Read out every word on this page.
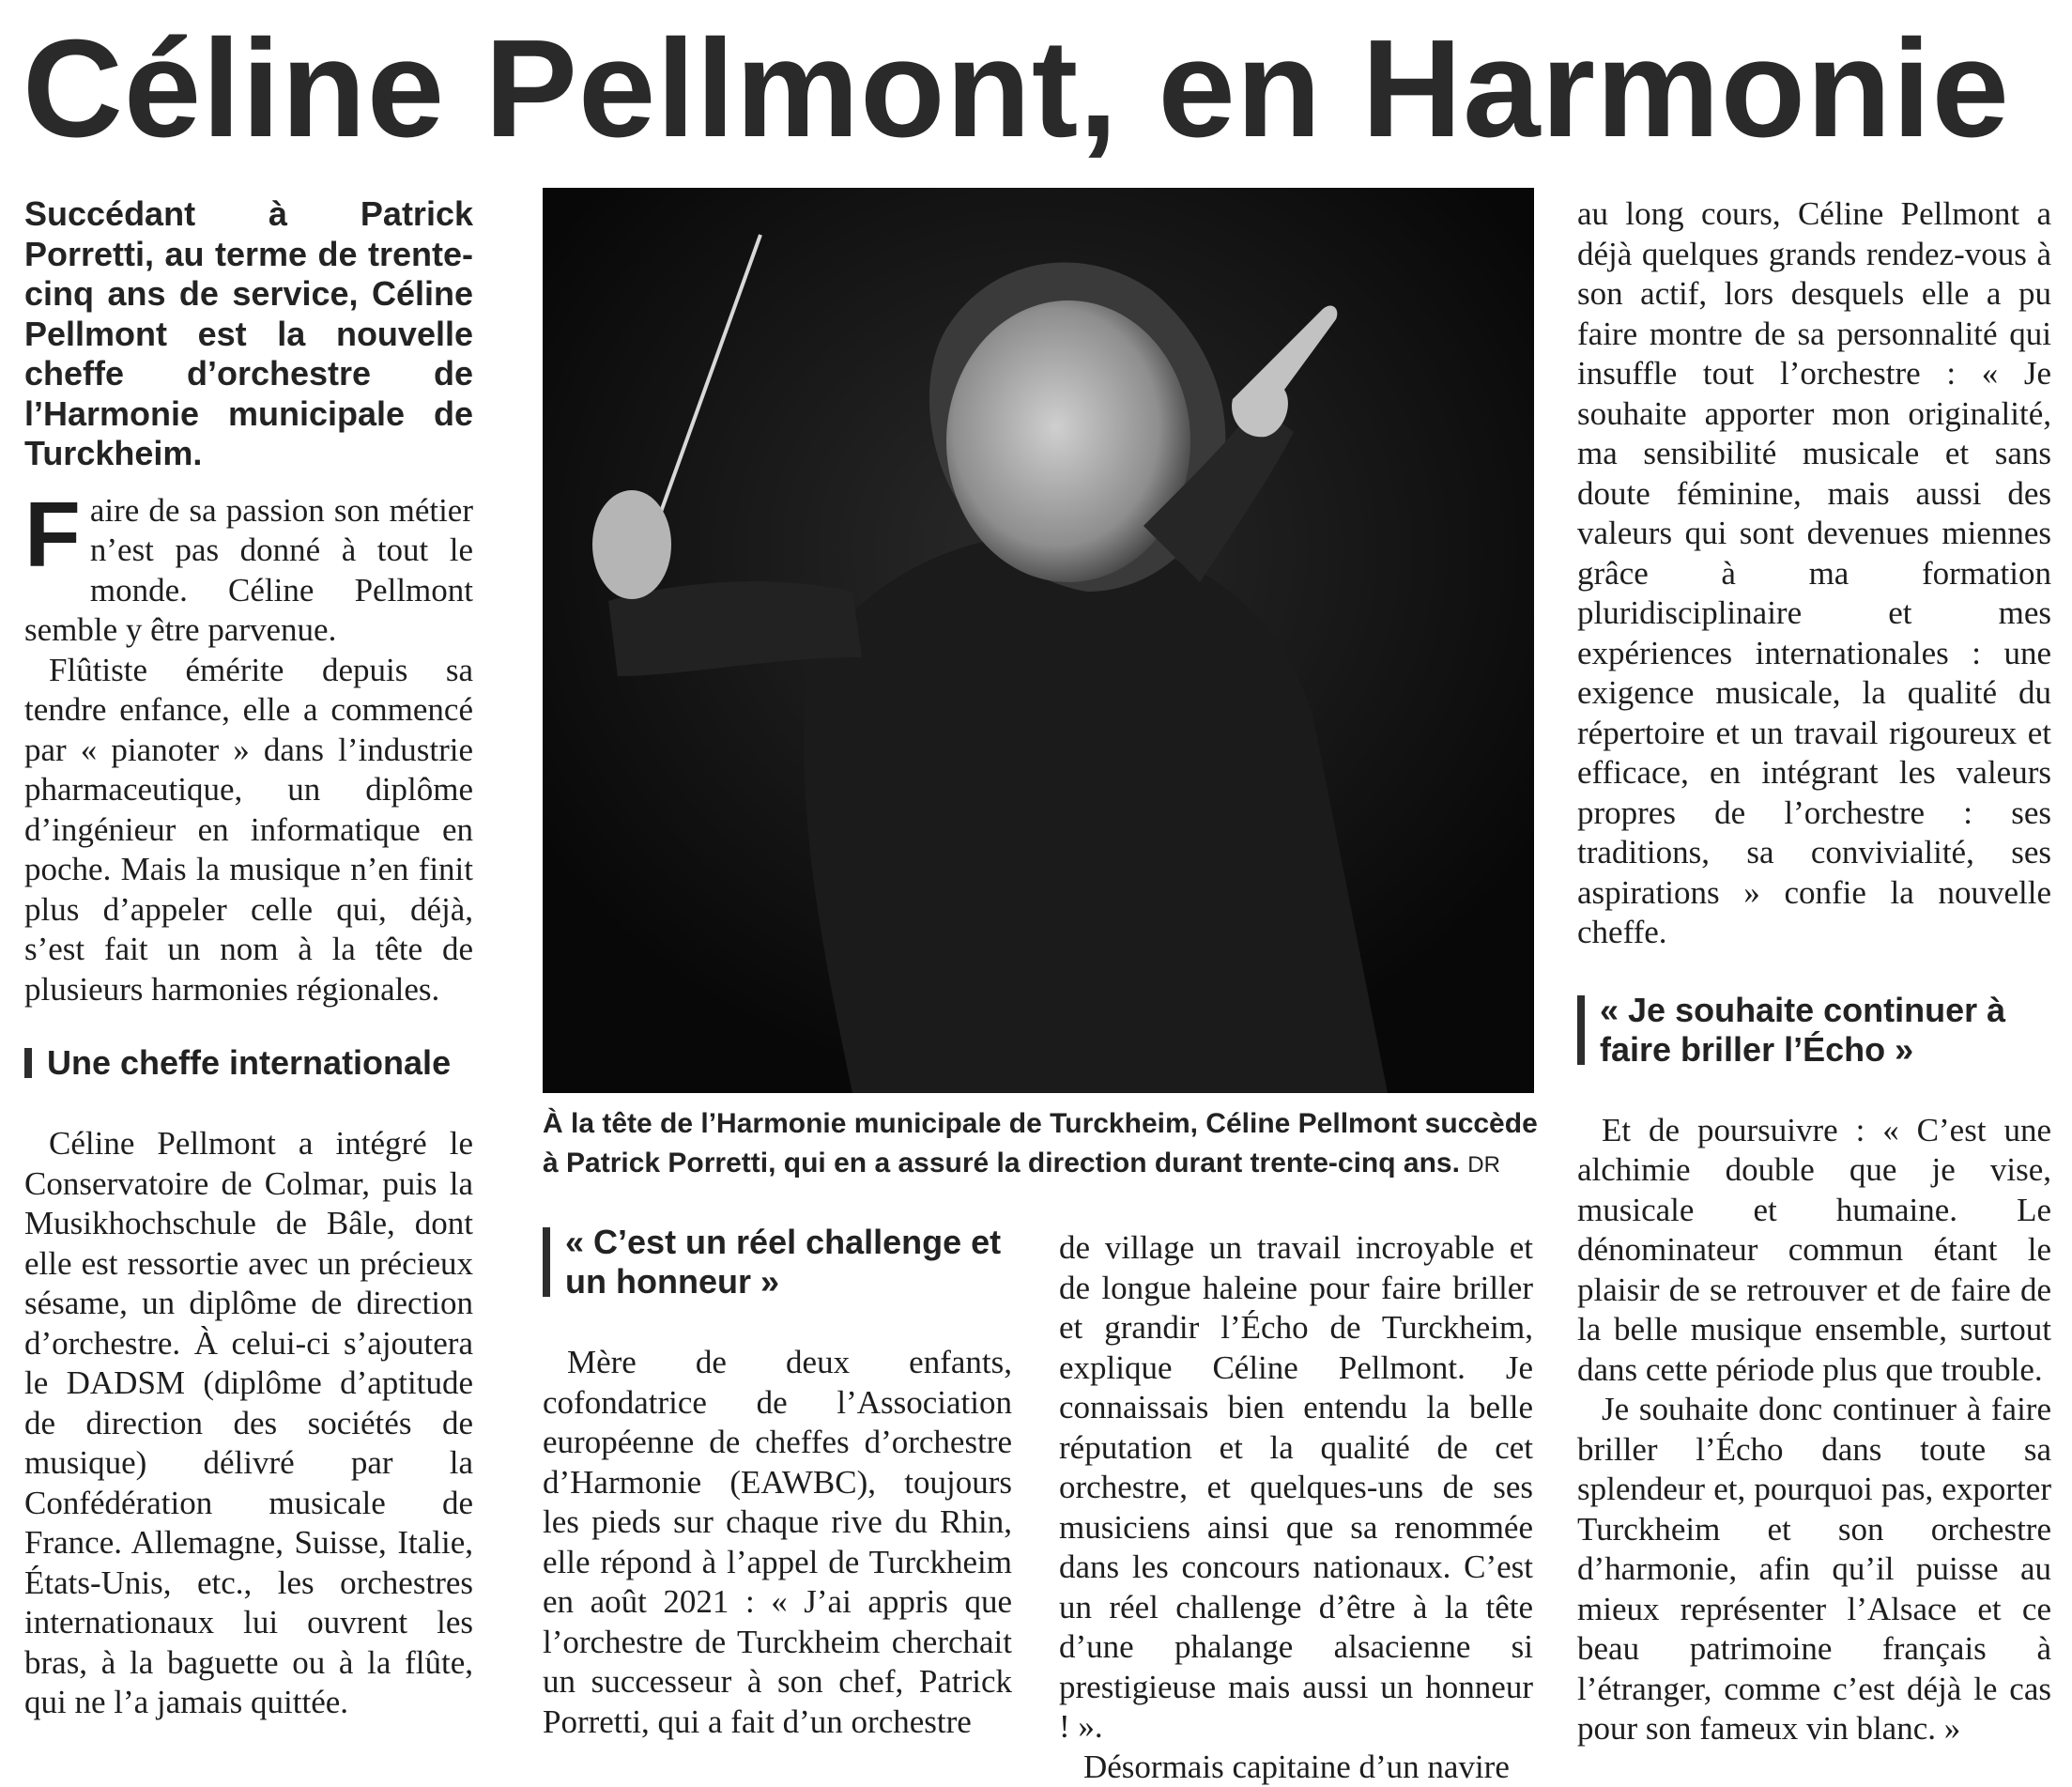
Céline Pellmont, en Harmonie

Succédant à Patrick Porretti, au terme de trente-cinq ans de service, Céline Pellmont est la nouvelle cheffe d’orchestre de l’Harmonie municipale de Turckheim.

Faire de sa passion son métier n’est pas donné à tout le monde. Céline Pellmont semble y être parvenue.

Flûtiste émérite depuis sa tendre enfance, elle a commencé par « pianoter » dans l’industrie pharmaceutique, un diplôme d’ingénieur en informatique en poche. Mais la musique n’en finit plus d’appeler celle qui, déjà, s’est fait un nom à la tête de plusieurs harmonies régionales.

Une cheffe internationale

Céline Pellmont a intégré le Conservatoire de Colmar, puis la Musikhochschule de Bâle, dont elle est ressortie avec un précieux sésame, un diplôme de direction d’orchestre. À celui-ci s’ajoutera le DADSM (diplôme d’aptitude de direction des sociétés de musique) délivré par la Confédération musicale de France. Allemagne, Suisse, Italie, États-Unis, etc., les orchestres internationaux lui ouvrent les bras, à la baguette ou à la flûte, qui ne l’a jamais quittée.

À la tête de l’Harmonie municipale de Turckheim, Céline Pellmont succède à Patrick Porretti, qui en a assuré la direction durant trente-cinq ans. DR

« C’est un réel challenge et un honneur »

Mère de deux enfants, cofondatrice de l’Association européenne de cheffes d’orchestre d’Harmonie (EAWBC), toujours les pieds sur chaque rive du Rhin, elle répond à l’appel de Turckheim en août 2021 : « J’ai appris que l’orchestre de Turckheim cherchait un successeur à son chef, Patrick Porretti, qui a fait d’un orchestre

de village un travail incroyable et de longue haleine pour faire briller et grandir l’Écho de Turckheim, explique Céline Pellmont. Je connaissais bien entendu la belle réputation et la qualité de cet orchestre, et quelques-uns de ses musiciens ainsi que sa renommée dans les concours nationaux. C’est un réel challenge d’être à la tête d’une phalange alsacienne si prestigieuse mais aussi un honneur ! ».

Désormais capitaine d’un navire

au long cours, Céline Pellmont a déjà quelques grands rendez-vous à son actif, lors desquels elle a pu faire montre de sa personnalité qui insuffle tout l’orchestre : « Je souhaite apporter mon originalité, ma sensibilité musicale et sans doute féminine, mais aussi des valeurs qui sont devenues miennes grâce à ma formation pluridisciplinaire et mes expériences internationales : une exigence musicale, la qualité du répertoire et un travail rigoureux et efficace, en intégrant les valeurs propres de l’orchestre : ses traditions, sa convivialité, ses aspirations » confie la nouvelle cheffe.

« Je souhaite continuer à faire briller l’Écho »

Et de poursuivre : « C’est une alchimie double que je vise, musicale et humaine. Le dénominateur commun étant le plaisir de se retrouver et de faire de la belle musique ensemble, surtout dans cette période plus que trouble.

Je souhaite donc continuer à faire briller l’Écho dans toute sa splendeur et, pourquoi pas, exporter Turckheim et son orchestre d’harmonie, afin qu’il puisse au mieux représenter l’Alsace et ce beau patrimoine français à l’étranger, comme c’est déjà le cas pour son fameux vin blanc. »
